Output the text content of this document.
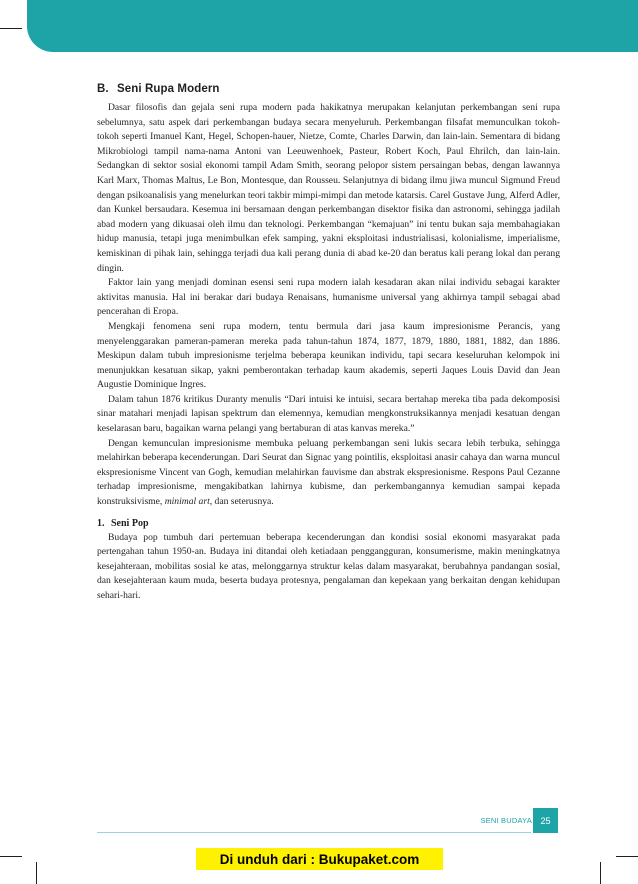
B. Seni Rupa Modern

Dasar filosofis dan gejala seni rupa modern pada hakikatnya merupakan kelanjutan perkembangan seni rupa sebelumnya, satu aspek dari perkembangan budaya secara menyeluruh. Perkembangan filsafat memunculkan tokoh-tokoh seperti Imanuel Kant, Hegel, Schopen-hauer, Nietze, Comte, Charles Darwin, dan lain-lain. Sementara di bidang Mikrobiologi tampil nama-nama Antoni van Leeuwenhoek, Pasteur, Robert Koch, Paul Ehrilch, dan lain-lain. Sedangkan di sektor sosial ekonomi tampil Adam Smith, seorang pelopor sistem persaingan bebas, dengan lawannya Karl Marx, Thomas Maltus, Le Bon, Montesque, dan Rousseu. Selanjutnya di bidang ilmu jiwa muncul Sigmund Freud dengan psikoanalisis yang menelurkan teori takbir mimpi-mimpi dan metode katarsis. Carel Gustave Jung, Alferd Adler, dan Kunkel bersaudara. Kesemua ini bersamaan dengan perkembangan disektor fisika dan astronomi, sehingga jadilah abad modern yang dikuasai oleh ilmu dan teknologi. Perkembangan “kemajuan” ini tentu bukan saja membahagiakan hidup manusia, tetapi juga menimbulkan efek samping, yakni eksploitasi industrialisasi, kolonialisme, imperialisme, kemiskinan di pihak lain, sehingga terjadi dua kali perang dunia di abad ke-20 dan beratus kali perang lokal dan perang dingin.

Faktor lain yang menjadi dominan esensi seni rupa modern ialah kesadaran akan nilai individu sebagai karakter aktivitas manusia. Hal ini berakar dari budaya Renaisans, humanisme universal yang akhirnya tampil sebagai abad pencerahan di Eropa.

Mengkaji fenomena seni rupa modern, tentu bermula dari jasa kaum impresionisme Perancis, yang menyelenggarakan pameran-pameran mereka pada tahun-tahun 1874, 1877, 1879, 1880, 1881, 1882, dan 1886. Meskipun dalam tubuh impresionisme terjelma beberapa keunikan individu, tapi secara keseluruhan kelompok ini menunjukkan kesatuan sikap, yakni pemberontakan terhadap kaum akademis, seperti Jaques Louis David dan Jean Augustie Dominique Ingres.

Dalam tahun 1876 kritikus Duranty menulis “Dari intuisi ke intuisi, secara bertahap mereka tiba pada dekomposisi sinar matahari menjadi lapisan spektrum dan elemennya, kemudian mengkonstruksikannya menjadi kesatuan dengan keselarasan baru, bagaikan warna pelangi yang bertaburan di atas kanvas mereka.”

Dengan kemunculan impresionisme membuka peluang perkembangan seni lukis secara lebih terbuka, sehingga melahirkan beberapa kecenderungan. Dari Seurat dan Signac yang pointilis, eksploitasi anasir cahaya dan warna muncul ekspresionisme Vincent van Gogh, kemudian melahirkan fauvisme dan abstrak ekspresionisme. Respons Paul Cezanne terhadap impresionisme, mengakibatkan lahirnya kubisme, dan perkembangannya kemudian sampai kepada konstruksivisme, minimal art, dan seterusnya.

1. Seni Pop

Budaya pop tumbuh dari pertemuan beberapa kecenderungan dan kondisi sosial ekonomi masyarakat pada pertengahan tahun 1950-an. Budaya ini ditandai oleh ketiadaan penggangguran, konsumerisme, makin meningkatnya kesejahteraan, mobilitas sosial ke atas, melonggarnya struktur kelas dalam masyarakat, berubahnya pandangan sosial, dan kesejahteraan kaum muda, beserta budaya protesnya, pengalaman dan kepekaan yang berkaitan dengan kehidupan sehari-hari.

SENI BUDAYA 25
Di unduh dari : Bukupaket.com
